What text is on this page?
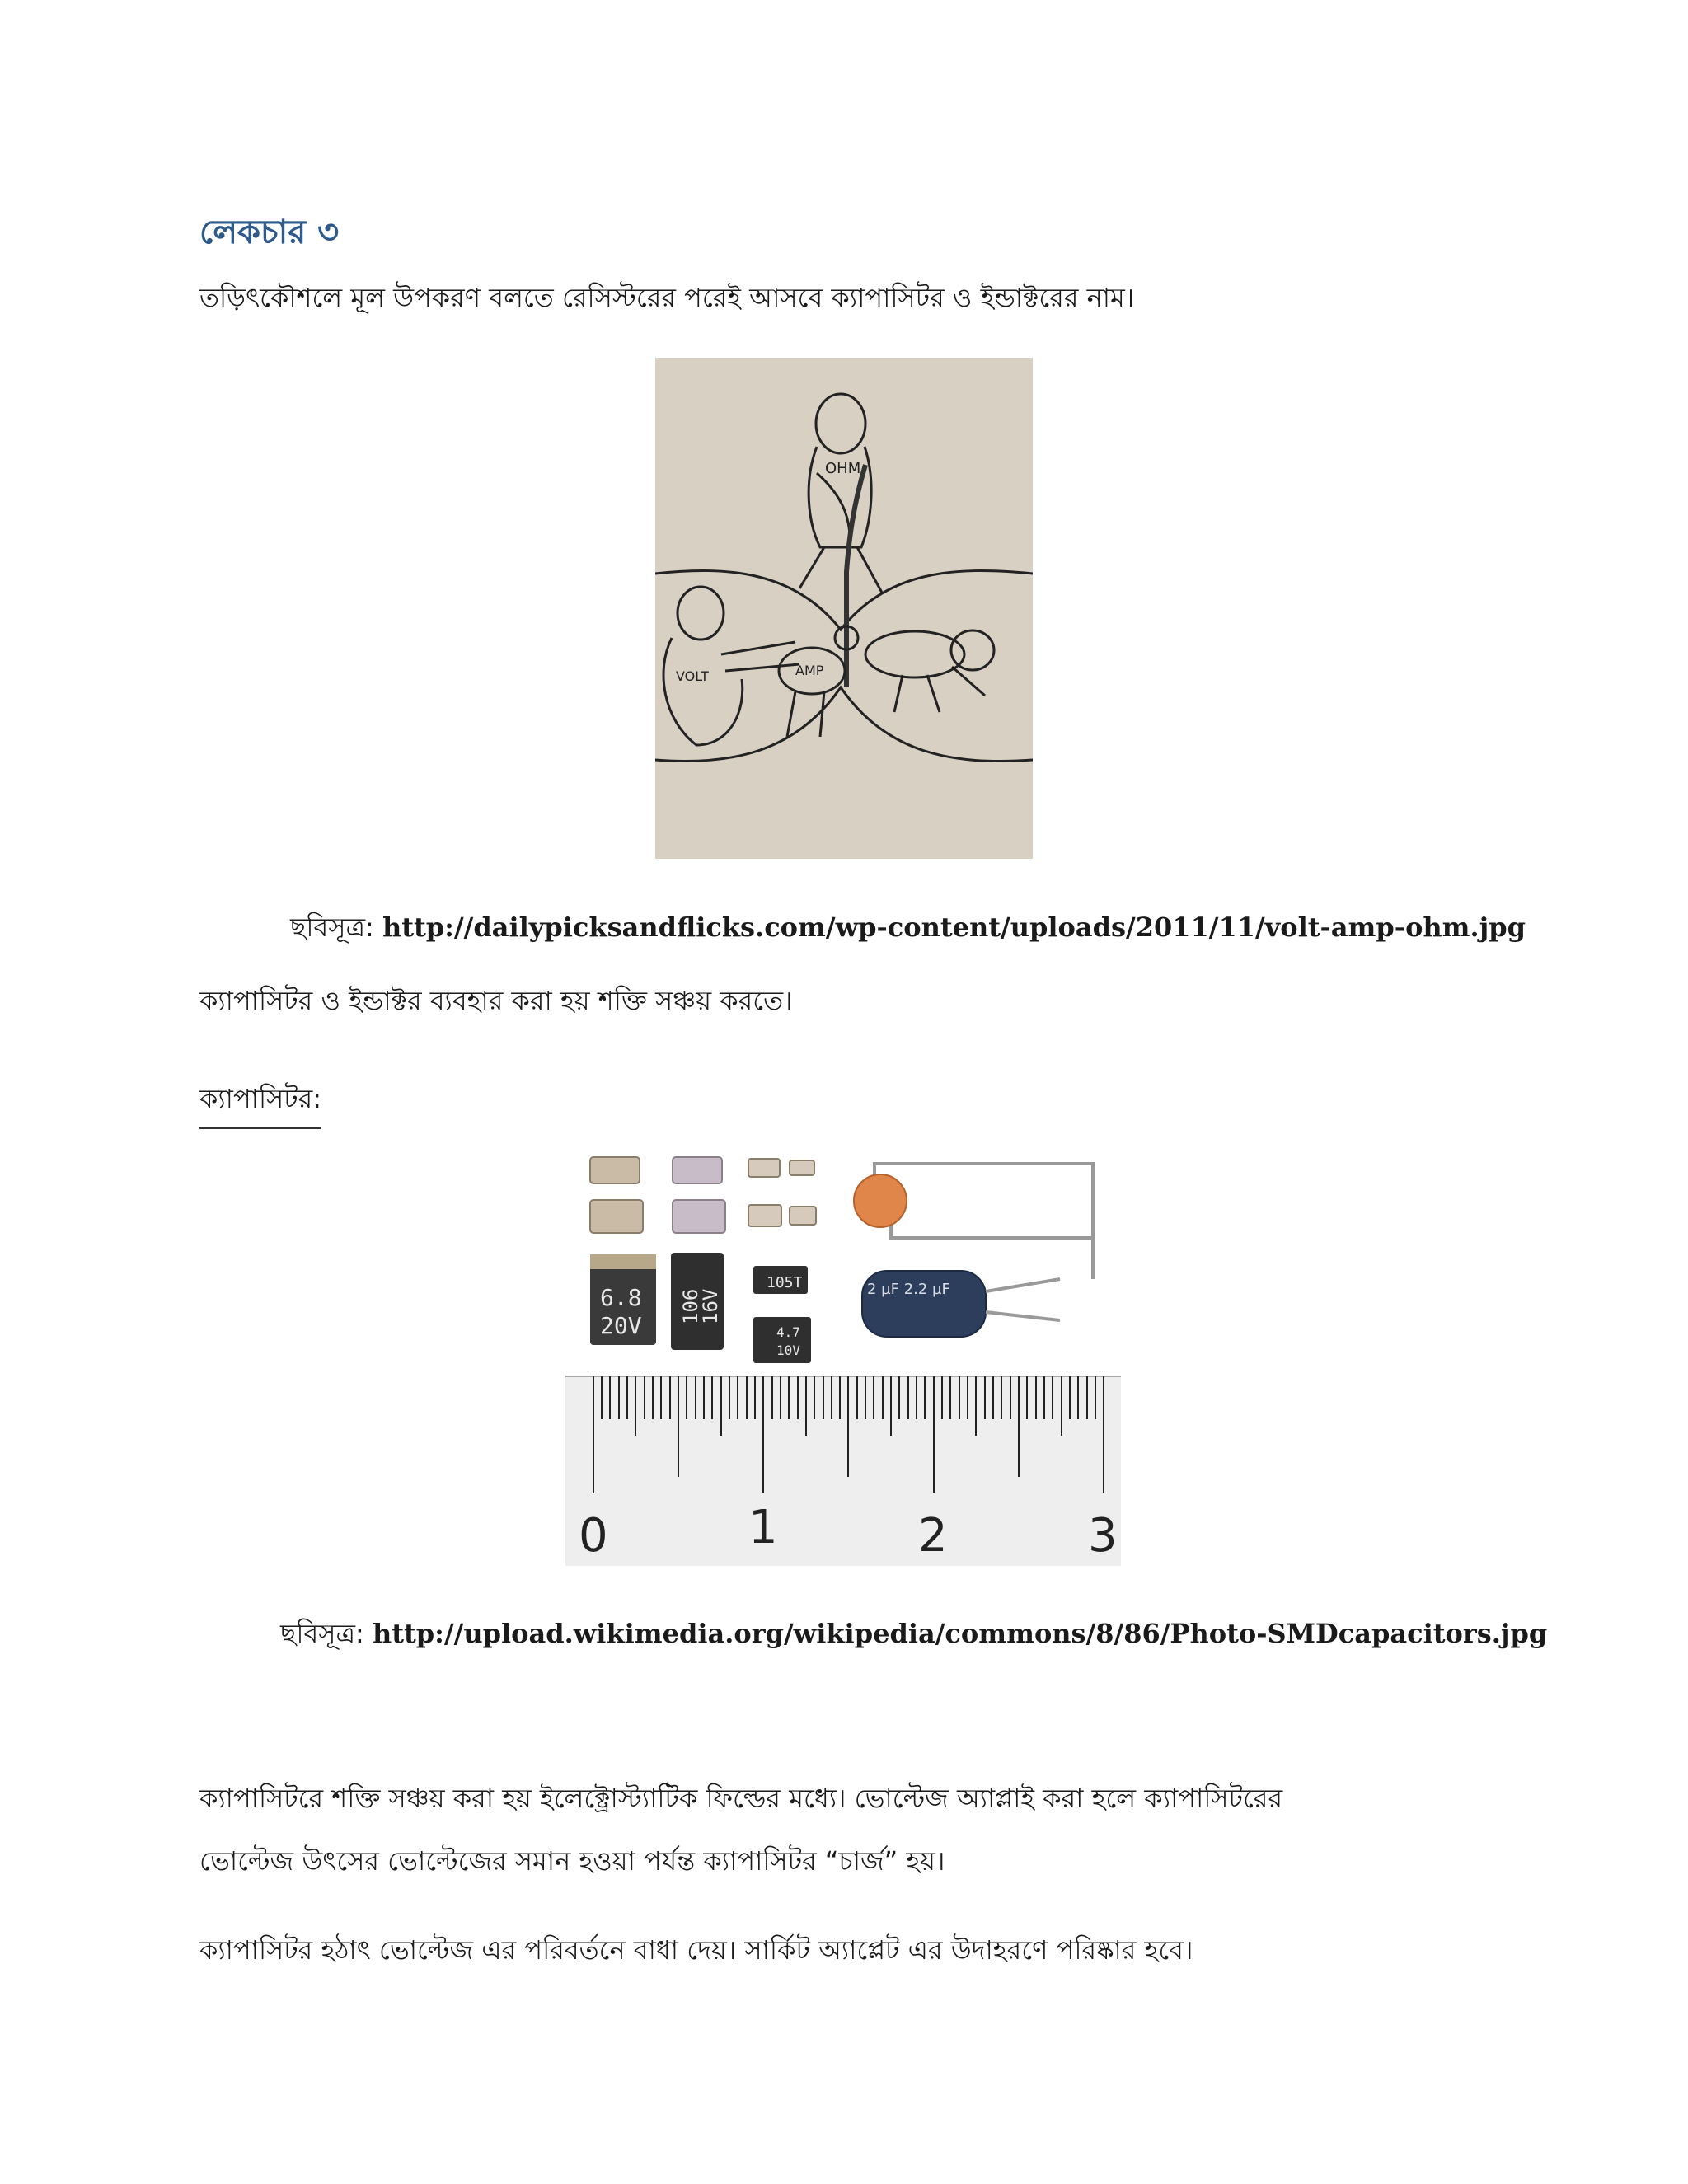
লেকচার ৩

তড়িৎকৌশলে মূল উপকরণ বলতে রেসিস্টরের পরেই আসবে ক্যাপাসিটর ও ইন্ডাক্টরের নাম।

OHM
VOLT	AMP

ছবিসূত্র: http://dailypicksandflicks.com/wp-content/uploads/2011/11/volt-amp-ohm.jpg

ক্যাপাসিটর ও ইন্ডাক্টর ব্যবহার করা হয় শক্তি সঞ্চয় করতে।

ক্যাপাসিটর:

6.8
20V
106
16V
105T
4.7
10V
2 µF 2.2 µF
0	1	2	3

ছবিসূত্র: http://upload.wikimedia.org/wikipedia/commons/8/86/Photo-SMDcapacitors.jpg

ক্যাপাসিটরে শক্তি সঞ্চয় করা হয় ইলেক্ট্রোস্ট্যাটিক ফিল্ডের মধ্যে। ভোল্টেজ অ্যাপ্লাই করা হলে ক্যাপাসিটরের

ভোল্টেজ উৎসের ভোল্টেজের সমান হওয়া পর্যন্ত ক্যাপাসিটর “চার্জ” হয়।

ক্যাপাসিটর হঠাৎ ভোল্টেজ এর পরিবর্তনে বাধা দেয়। সার্কিট অ্যাপ্লেট এর উদাহরণে পরিষ্কার হবে।
